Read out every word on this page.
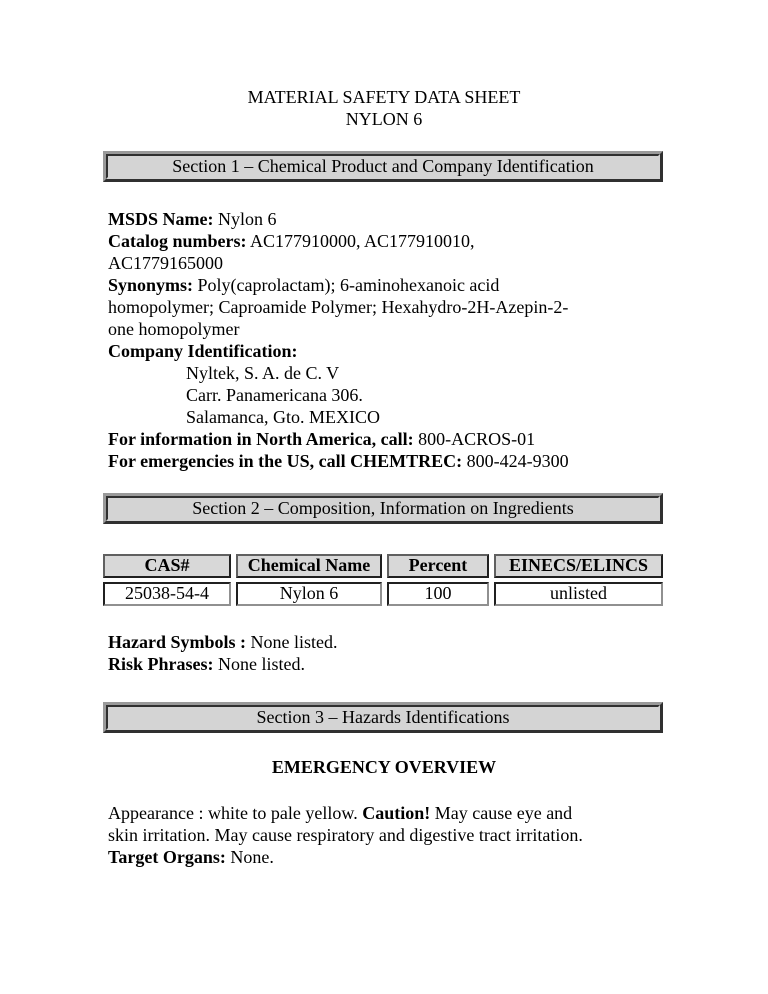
MATERIAL SAFETY DATA SHEET
NYLON 6
Section 1 – Chemical Product and Company Identification
MSDS Name: Nylon 6
Catalog numbers: AC177910000, AC177910010,
AC1779165000
Synonyms: Poly(caprolactam); 6-aminohexanoic acid
homopolymer; Caproamide Polymer; Hexahydro-2H-Azepin-2-
one homopolymer
Company Identification:
Nyltek, S. A. de C. V
Carr. Panamericana 306.
Salamanca, Gto. MEXICO
For information in North America, call: 800-ACROS-01
For emergencies in the US, call CHEMTREC: 800-424-9300
Section 2 – Composition, Information on Ingredients
CAS#	Chemical Name	Percent	EINECS/ELINCS
25038-54-4	Nylon 6	100	unlisted
Hazard Symbols : None listed.
Risk Phrases: None listed.
Section 3 – Hazards Identifications
EMERGENCY OVERVIEW
Appearance : white to pale yellow. Caution! May cause eye and
skin irritation. May cause respiratory and digestive tract irritation.
Target Organs: None.
